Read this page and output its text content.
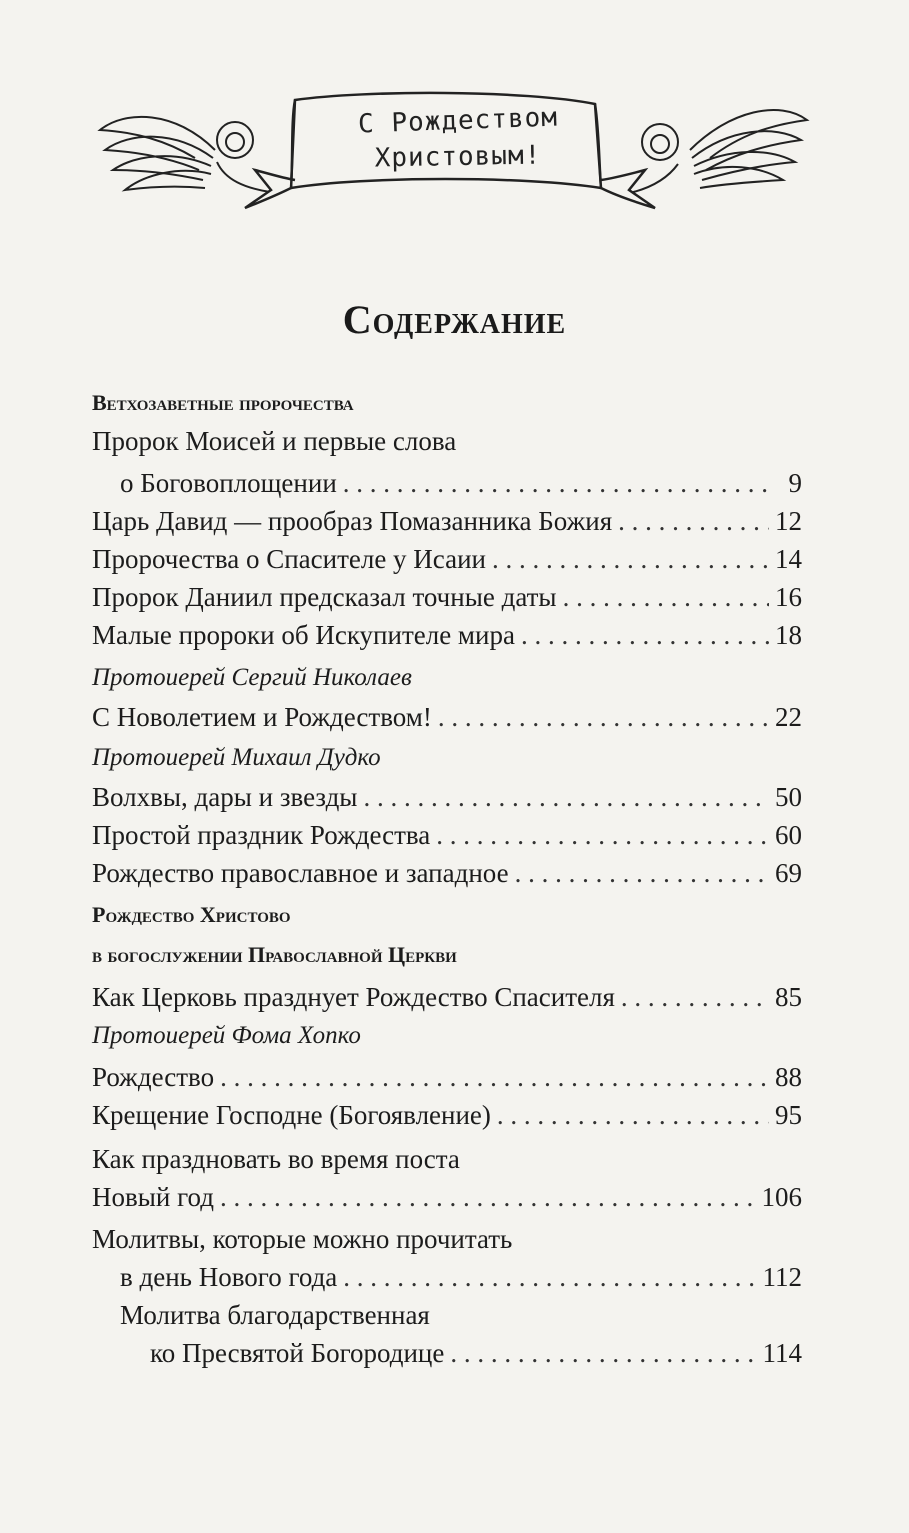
С Рождеством
Христовым!
Содержание
Ветхозаветные пророчества
Пророк Моисей и первые слова
о Боговоплощении . . .	9
Царь Давид — прообраз Помазанника Божия . . .	12
Пророчества о Спасителе у Исаии . . .	14
Пророк Даниил предсказал точные даты . . .	16
Малые пророки об Искупителе мира . . .	18
Протоиерей Сергий Николаев
С Новолетием и Рождеством! . . .	22
Протоиерей Михаил Дудко
Волхвы, дары и звезды . . .	50
Простой праздник Рождества . . .	60
Рождество православное и западное . . .	69
Рождество Христово
в богослужении Православной Церкви
Как Церковь празднует Рождество Спасителя . . .	85
Протоиерей Фома Хопко
Рождество . . .	88
Крещение Господне (Богоявление) . . .	95
Как праздновать во время поста
Новый год . . .	106
Молитвы, которые можно прочитать
в день Нового года . . .	112
Молитва благодарственная
ко Пресвятой Богородице . . .	114
